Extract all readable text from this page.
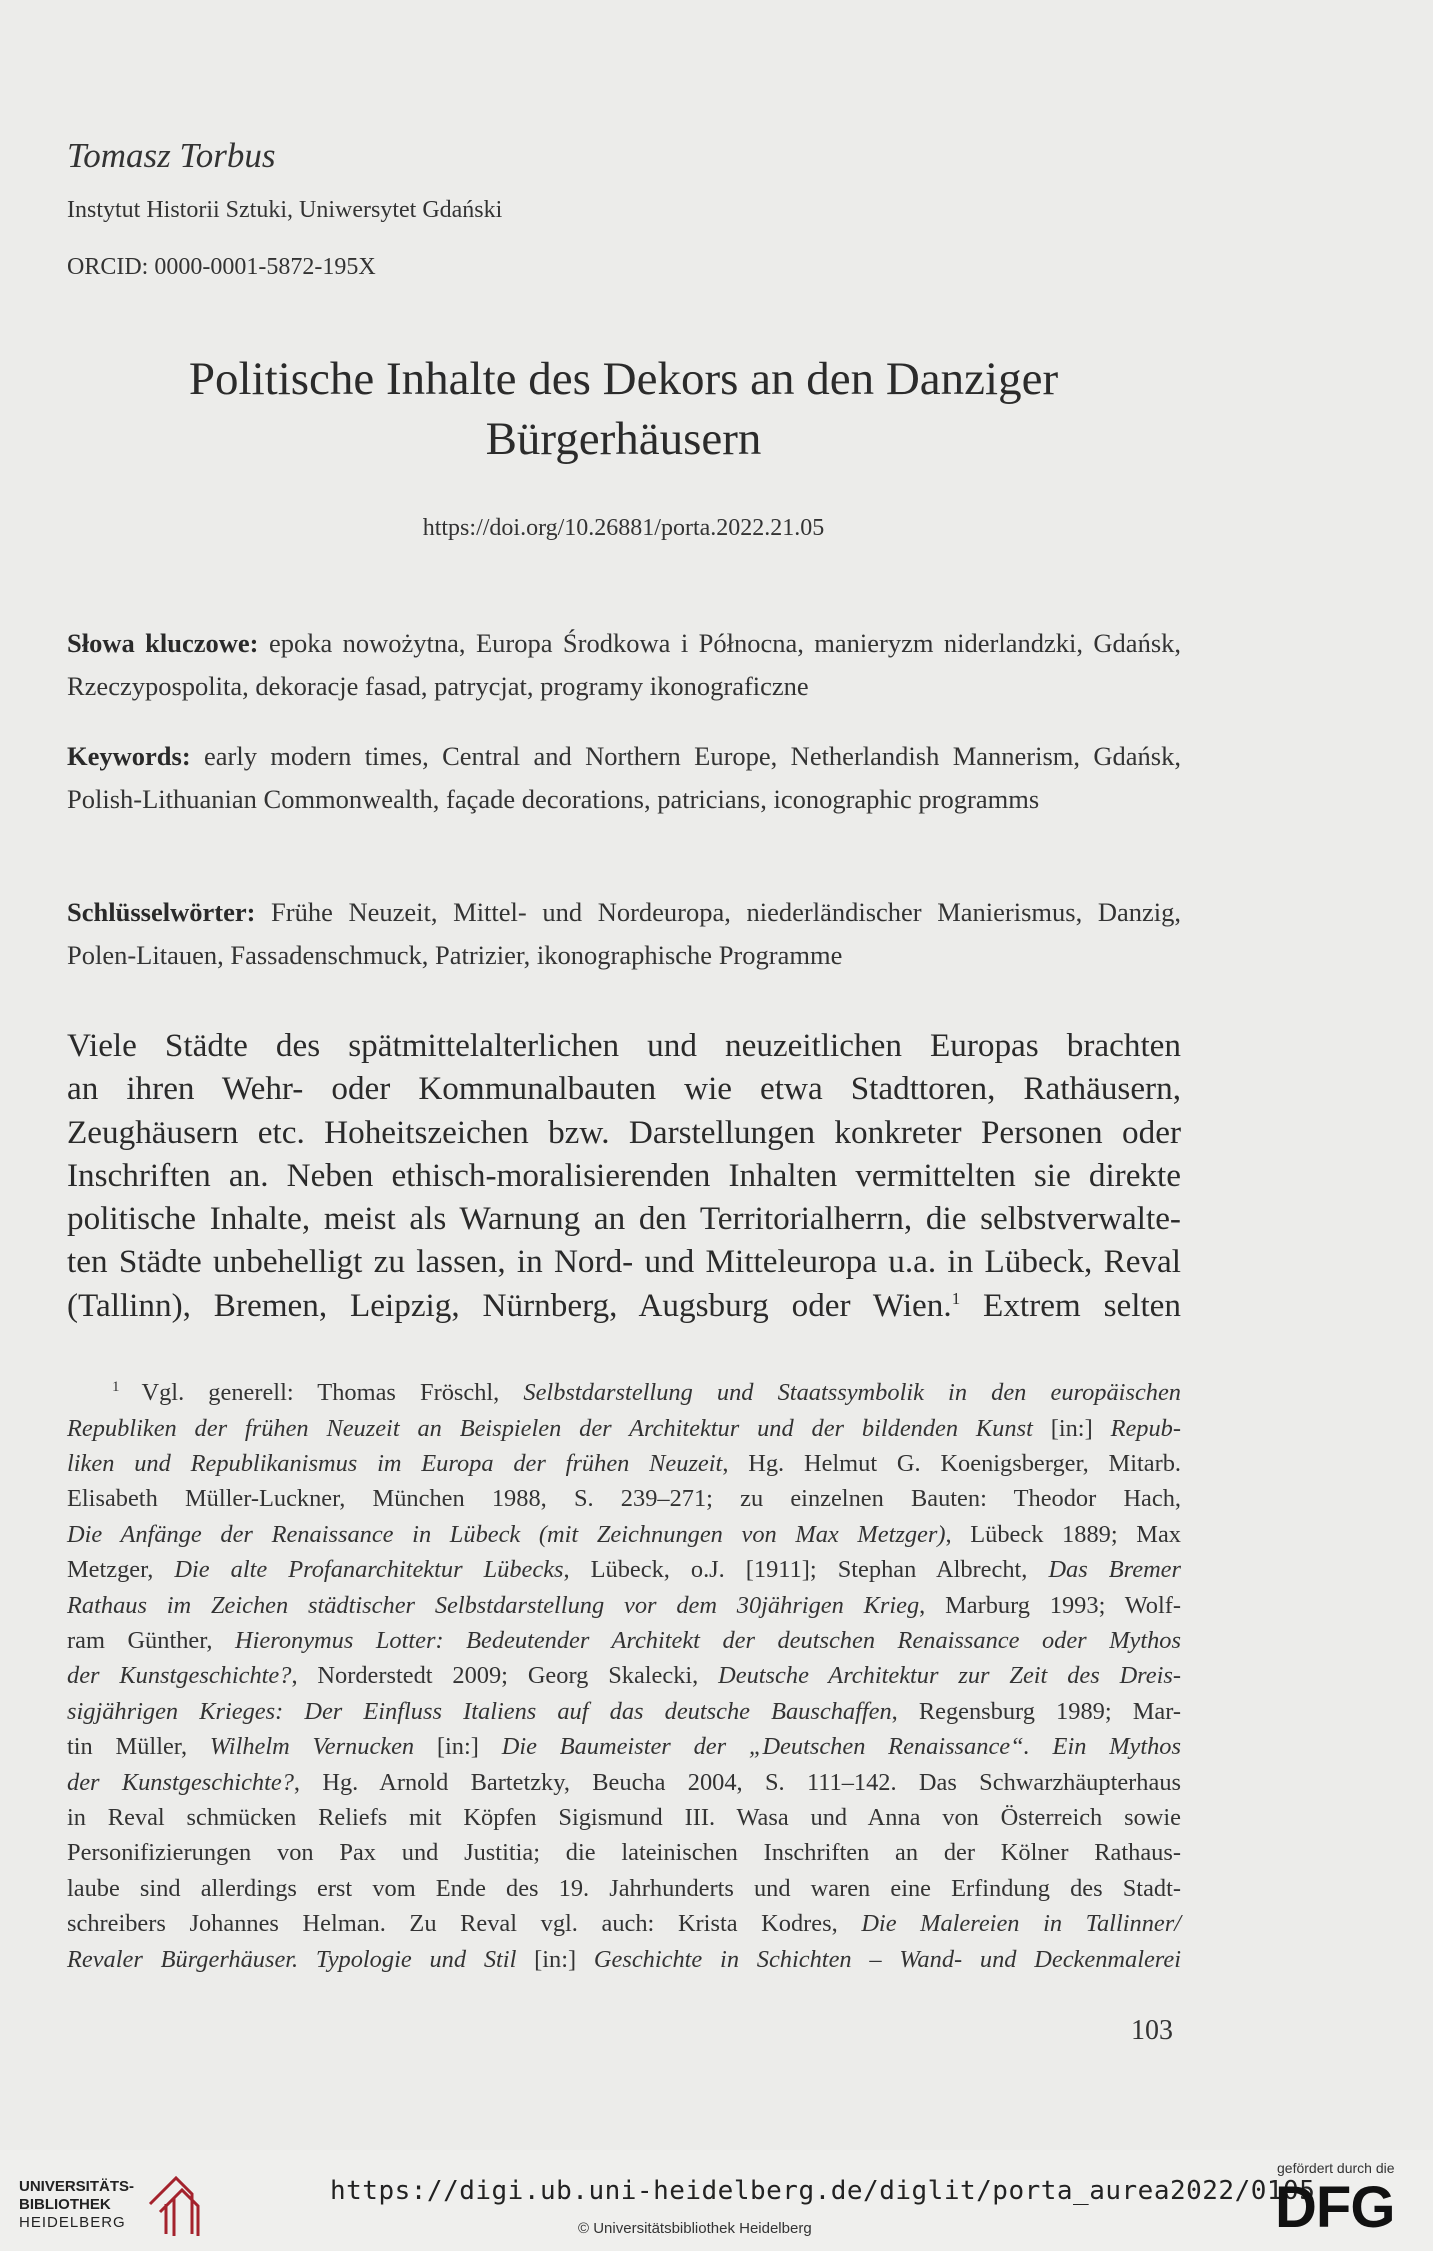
Tomasz Torbus
Instytut Historii Sztuki, Uniwersytet Gdański
ORCID: 0000-0001-5872-195X
Politische Inhalte des Dekors an den Danziger
Bürgerhäusern
https://doi.org/10.26881/porta.2022.21.05
Słowa kluczowe: epoka nowożytna, Europa Środkowa i Północna, manieryzm niderlandzki, Gdańsk, Rzeczypospolita, dekoracje fasad, patrycjat, programy ikonograficzne
Keywords: early modern times, Central and Northern Europe, Netherlandish Mannerism, Gdańsk, Polish-Lithuanian Commonwealth, façade decorations, patricians, iconographic programms
Schlüsselwörter: Frühe Neuzeit, Mittel- und Nordeuropa, niederländischer Manierismus, Danzig, Polen-Litauen, Fassadenschmuck, Patrizier, ikonographische Programme
Viele Städte des spätmittelalterlichen und neuzeitlichen Europas brachten
an ihren Wehr- oder Kommunalbauten wie etwa Stadttoren, Rathäusern,
Zeughäusern etc. Hoheitszeichen bzw. Darstellungen konkreter Personen oder
Inschriften an. Neben ethisch-moralisierenden Inhalten vermittelten sie direkte
politische Inhalte, meist als Warnung an den Territorialherrn, die selbstverwalte-
ten Städte unbehelligt zu lassen, in Nord- und Mitteleuropa u.a. in Lübeck, Reval
(Tallinn), Bremen, Leipzig, Nürnberg, Augsburg oder Wien.$^1$ Extrem selten
$^1$ Vgl. generell: Thomas Fröschl, Selbstdarstellung und Staatssymbolik in den europäischen
Republiken der frühen Neuzeit an Beispielen der Architektur und der bildenden Kunst [in:] Repub-
liken und Republikanismus im Europa der frühen Neuzeit, Hg. Helmut G. Koenigsberger, Mitarb.
Elisabeth Müller-Luckner, München 1988, S. 239–271; zu einzelnen Bauten: Theodor Hach,
Die Anfänge der Renaissance in Lübeck (mit Zeichnungen von Max Metzger), Lübeck 1889; Max
Metzger, Die alte Profanarchitektur Lübecks, Lübeck, o.J. [1911]; Stephan Albrecht, Das Bremer
Rathaus im Zeichen städtischer Selbstdarstellung vor dem 30jährigen Krieg, Marburg 1993; Wolf-
ram Günther, Hieronymus Lotter: Bedeutender Architekt der deutschen Renaissance oder Mythos
der Kunstgeschichte?, Norderstedt 2009; Georg Skalecki, Deutsche Architektur zur Zeit des Dreis-
sigjährigen Krieges: Der Einfluss Italiens auf das deutsche Bauschaffen, Regensburg 1989; Mar-
tin Müller, Wilhelm Vernucken [in:] Die Baumeister der „Deutschen Renaissance“. Ein Mythos
der Kunstgeschichte?, Hg. Arnold Bartetzky, Beucha 2004, S. 111–142. Das Schwarzhäupterhaus
in Reval schmücken Reliefs mit Köpfen Sigismund III. Wasa und Anna von Österreich sowie
Personifizierungen von Pax und Justitia; die lateinischen Inschriften an der Kölner Rathaus-
laube sind allerdings erst vom Ende des 19. Jahrhunderts und waren eine Erfindung des Stadt-
schreibers Johannes Helman. Zu Reval vgl. auch: Krista Kodres, Die Malereien in Tallinner/
Revaler Bürgerhäuser. Typologie und Stil [in:] Geschichte in Schichten – Wand- und Deckenmalerei
103
UNIVERSITÄTS-
BIBLIOTHEK
HEIDELBERG
https://digi.ub.uni-heidelberg.de/diglit/porta_aurea2022/0105
© Universitätsbibliothek Heidelberg
gefördert durch die
DFG
